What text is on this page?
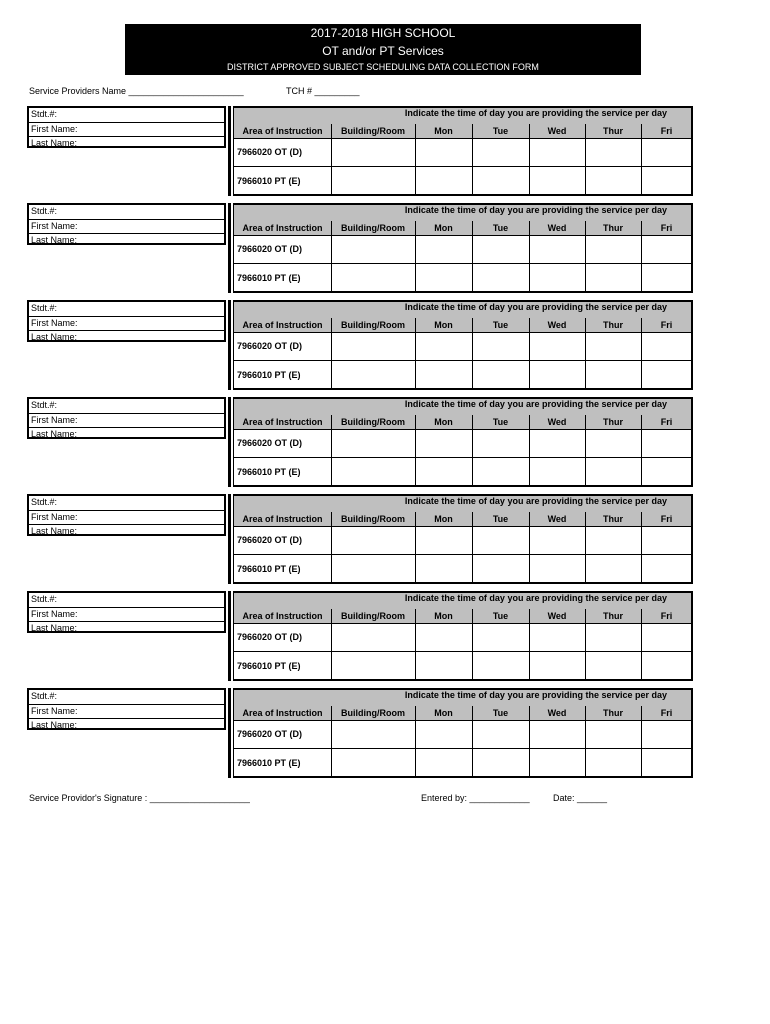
2017-2018 HIGH SCHOOL
OT and/or PT Services
DISTRICT APPROVED SUBJECT SCHEDULING DATA COLLECTION FORM
Service Providers Name _______________________	TCH # _________
Stdt.#:
First Name:
Last Name:
Indicate the time of day you are providing the service per day
Area of Instruction	Building/Room	Mon	Tue	Wed	Thur	Fri
7966020 OT (D)
7966010 PT (E)
Stdt.#:
First Name:
Last Name:
Indicate the time of day you are providing the service per day
Area of Instruction	Building/Room	Mon	Tue	Wed	Thur	Fri
7966020 OT (D)
7966010 PT (E)
Stdt.#:
First Name:
Last Name:
Indicate the time of day you are providing the service per day
Area of Instruction	Building/Room	Mon	Tue	Wed	Thur	Fri
7966020 OT (D)
7966010 PT (E)
Stdt.#:
First Name:
Last Name:
Indicate the time of day you are providing the service per day
Area of Instruction	Building/Room	Mon	Tue	Wed	Thur	Fri
7966020 OT (D)
7966010 PT (E)
Stdt.#:
First Name:
Last Name:
Indicate the time of day you are providing the service per day
Area of Instruction	Building/Room	Mon	Tue	Wed	Thur	Fri
7966020 OT (D)
7966010 PT (E)
Stdt.#:
First Name:
Last Name:
Indicate the time of day you are providing the service per day
Area of Instruction	Building/Room	Mon	Tue	Wed	Thur	Fri
7966020 OT (D)
7966010 PT (E)
Stdt.#:
First Name:
Last Name:
Indicate the time of day you are providing the service per day
Area of Instruction	Building/Room	Mon	Tue	Wed	Thur	Fri
7966020 OT (D)
7966010 PT (E)
Service Providor's Signature : ____________________	Entered by: ____________	Date: ______
